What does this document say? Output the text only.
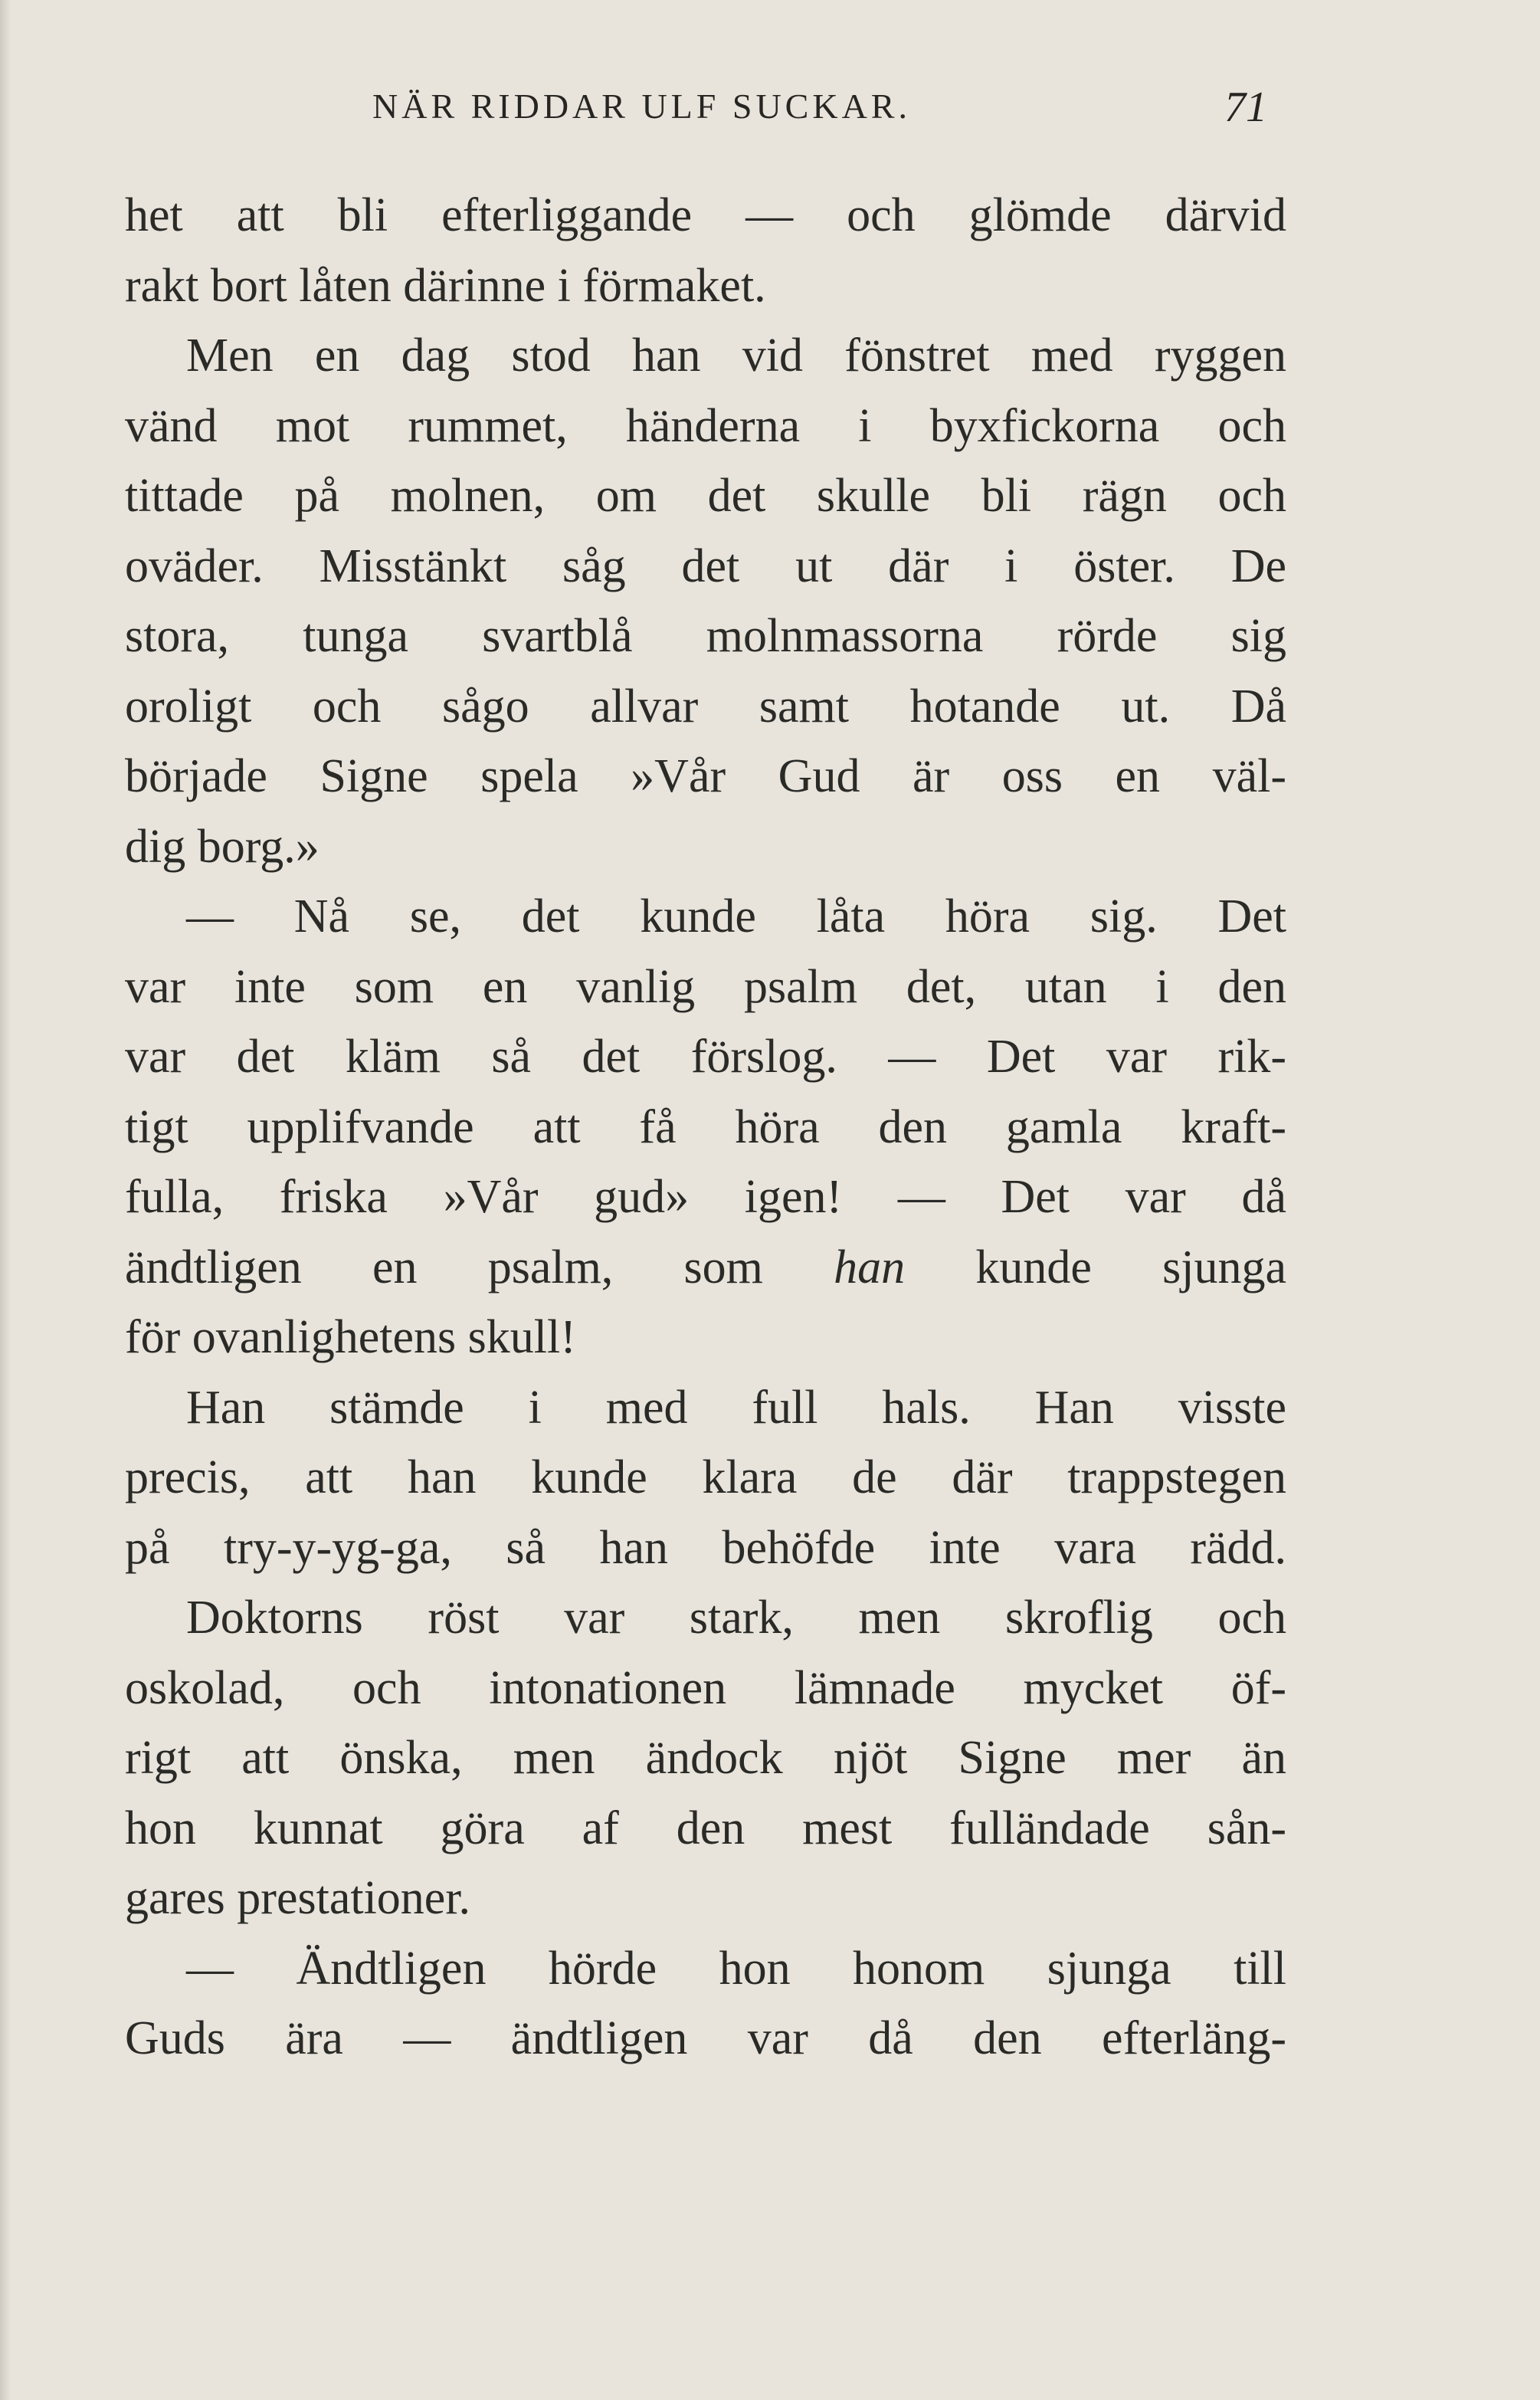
NÄR RIDDAR ULF SUCKAR.	71
het att bli efterliggande — och glömde därvid
rakt bort låten därinne i förmaket.
Men en dag stod han vid fönstret med ryggen
vänd mot rummet, händerna i byxfickorna och
tittade på molnen, om det skulle bli rägn och
oväder. Misstänkt såg det ut där i öster. De
stora, tunga svartblå molnmassorna rörde sig
oroligt och sågo allvar samt hotande ut. Då
började Signe spela »Vår Gud är oss en väl-
dig borg.»
— Nå se, det kunde låta höra sig. Det
var inte som en vanlig psalm det, utan i den
var det kläm så det förslog. — Det var rik-
tigt upplifvande att få höra den gamla kraft-
fulla, friska »Vår gud» igen! — Det var då
ändtligen en psalm, som han kunde sjunga
för ovanlighetens skull!
Han stämde i med full hals. Han visste
precis, att han kunde klara de där trappstegen
på try-y-yg-ga, så han behöfde inte vara rädd.
Doktorns röst var stark, men skroflig och
oskolad, och intonationen lämnade mycket öf-
rigt att önska, men ändock njöt Signe mer än
hon kunnat göra af den mest fulländade sån-
gares prestationer.
— Ändtligen hörde hon honom sjunga till
Guds ära — ändtligen var då den efterläng-
